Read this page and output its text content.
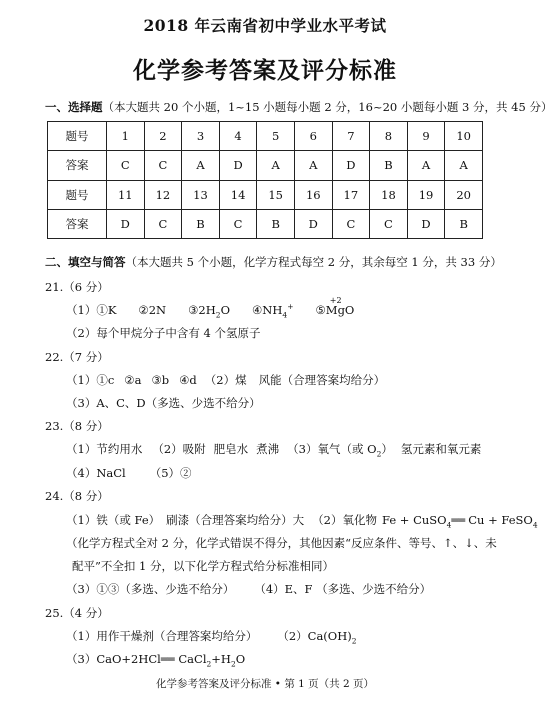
2018 年云南省初中学业水平考试
化学参考答案及评分标准
一、选择题（本大题共 20 个小题，1~15 小题每小题 2 分，16~20 小题每小题 3 分，共 45 分）
题号	1	2	3	4	5	6	7	8	9	10
答案	C	C	A	D	A	A	D	B	A	A
题号	11	12	13	14	15	16	17	18	19	20
答案	D	C	B	C	B	D	C	C	D	B
二、填空与简答（本大题共 5 个小题，化学方程式每空 2 分，其余每空 1 分，共 33 分）
21.（6 分）
（1）①K ②2N $③2H_2O$ $④NH_4^+$ ⑤
+2
MgO
（2）每个甲烷分子中含有 4 个氢原子
22.（7 分）
（1）①c ②a ③b ④d （2）煤 风能（合理答案均给分）
（3）A、C、D（多选、少选不给分）
23.（8 分）
（1）节约用水 （2）吸附 肥皂水 煮沸 （3）氧气（或 $O_2$） 氢元素和氧元素
（4）NaCl （5）②
24.（8 分）
（1）铁（或 Fe） 刷漆（合理答案均给分）大 （2）氧化物 Fe + CuSO$_4$══ Cu + FeSO$_4$
（化学方程式全对 2 分，化学式错误不得分，其他因素“反应条件、等号、↑、↓、未
配平”不全扣 1 分，以下化学方程式给分标准相同）
（3）①③（多选、少选不给分） （4）E、F （多选、少选不给分）
25.（4 分）
（1）用作干燥剂（合理答案均给分） $(2)Ca(OH)_2$
（3）CaO+2HCl══ $CaCl_2+H_2O$
化学参考答案及评分标准 • 第 1 页（共 2 页）
